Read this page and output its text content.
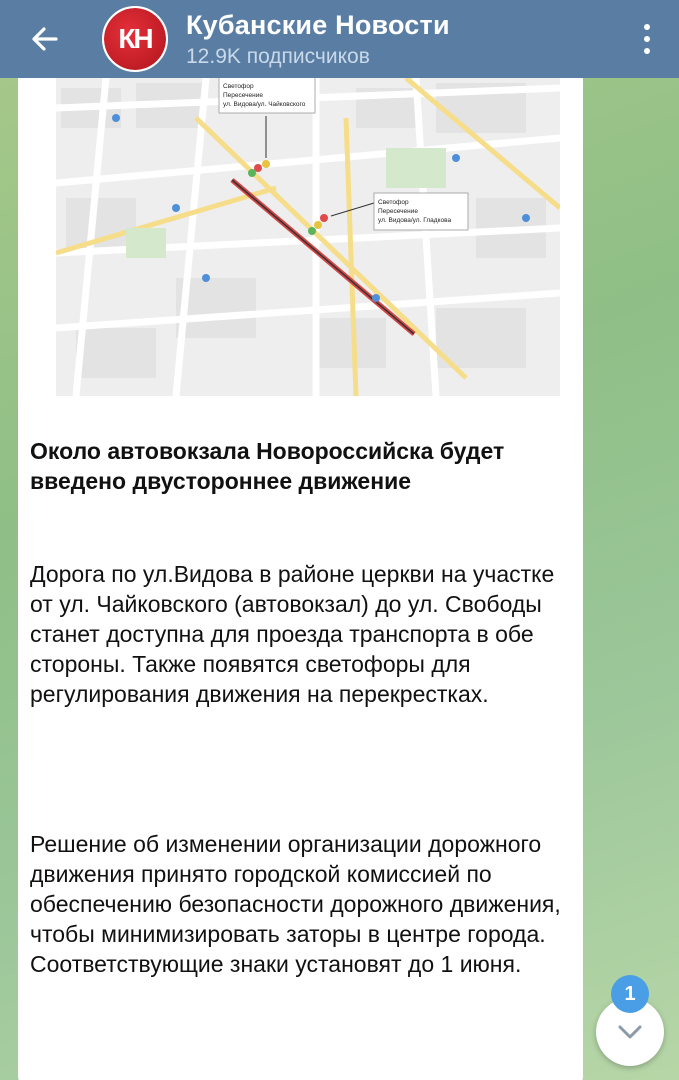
КН Кубанские Новости
12.9K подписчиков
Светофор
Пересечение
ул. Видова/ул. Чайковского
Светофор
Пересечение
ул. Видова/ул. Гладкова
Около автовокзала Новороссийска будет введено двустороннее движение
Дорога по ул.Видова в районе церкви на участке от ул. Чайковского (автовокзал) до ул. Свободы станет доступна для проезда транспорта в обе стороны. Также появятся светофоры для регулирования движения на перекрестках.
Решение об изменении организации дорожного движения принято городской комиссией по обеспечению безопасности дорожного движения, чтобы минимизировать заторы в центре города. Соответствующие знаки установят до 1 июня.
1
